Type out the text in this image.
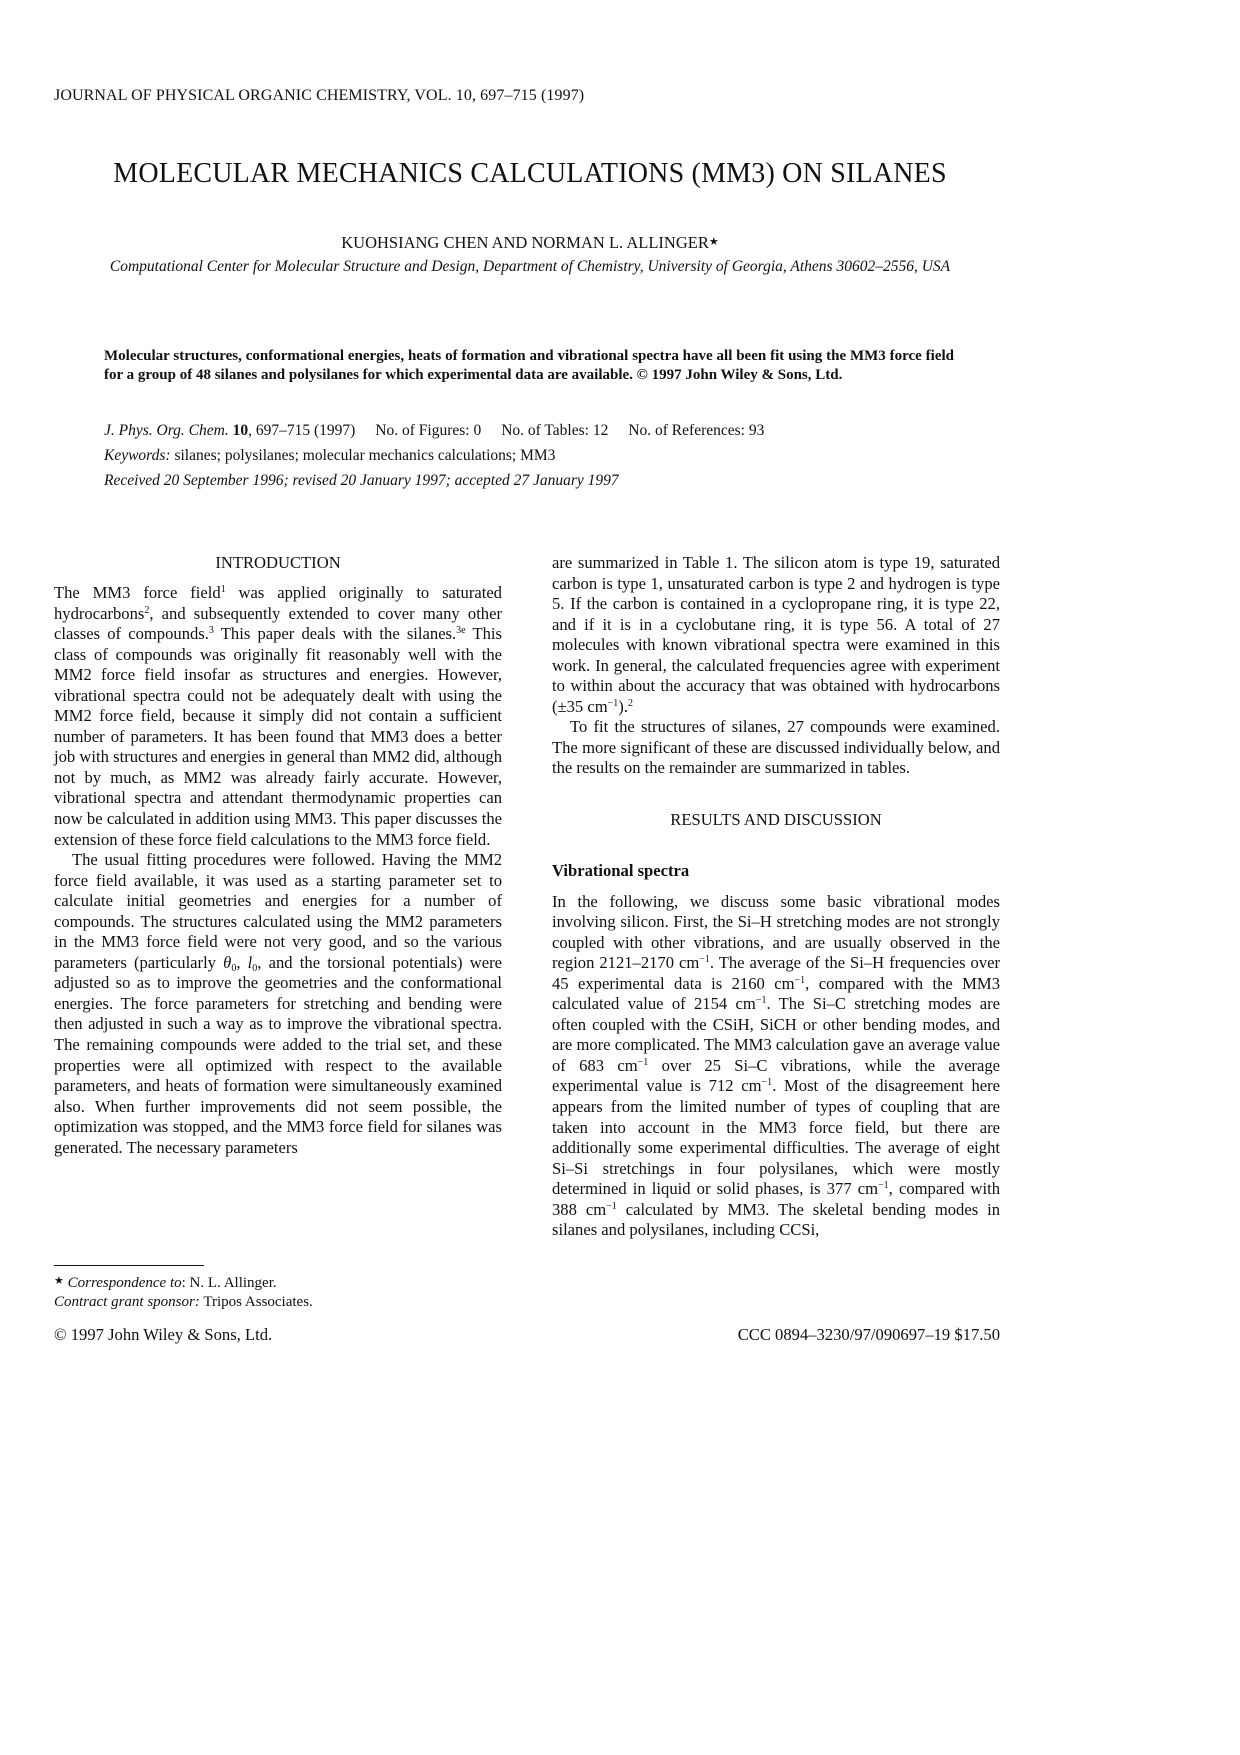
JOURNAL OF PHYSICAL ORGANIC CHEMISTRY, VOL. 10, 697–715 (1997)
MOLECULAR MECHANICS CALCULATIONS (MM3) ON SILANES
KUOHSIANG CHEN AND NORMAN L. ALLINGER★
Computational Center for Molecular Structure and Design, Department of Chemistry, University of Georgia, Athens 30602–2556, USA
Molecular structures, conformational energies, heats of formation and vibrational spectra have all been fit using the MM3 force field for a group of 48 silanes and polysilanes for which experimental data are available. © 1997 John Wiley & Sons, Ltd.
J. Phys. Org. Chem. 10, 697–715 (1997) No. of Figures: 0 No. of Tables: 12 No. of References: 93
Keywords: silanes; polysilanes; molecular mechanics calculations; MM3
Received 20 September 1996; revised 20 January 1997; accepted 27 January 1997
INTRODUCTION

The MM3 force field$^1$ was applied originally to saturated hydrocarbons$^2$, and subsequently extended to cover many other classes of compounds.$^3$ This paper deals with the silanes.$^{3e}$ This class of compounds was originally fit reasonably well with the MM2 force field insofar as structures and energies. However, vibrational spectra could not be adequately dealt with using the MM2 force field, because it simply did not contain a sufficient number of parameters. It has been found that MM3 does a better job with structures and energies in general than MM2 did, although not by much, as MM2 was already fairly accurate. However, vibrational spectra and attendant thermodynamic properties can now be calculated in addition using MM3. This paper discusses the extension of these force field calculations to the MM3 force field.

The usual fitting procedures were followed. Having the MM2 force field available, it was used as a starting parameter set to calculate initial geometries and energies for a number of compounds. The structures calculated using the MM2 parameters in the MM3 force field were not very good, and so the various parameters (particularly $\theta_0$, $l_0$, and the torsional potentials) were adjusted so as to improve the geometries and the conformational energies. The force parameters for stretching and bending were then adjusted in such a way as to improve the vibrational spectra. The remaining compounds were added to the trial set, and these properties were all optimized with respect to the available parameters, and heats of formation were simultaneously examined also. When further improvements did not seem possible, the optimization was stopped, and the MM3 force field for silanes was generated. The necessary parameters

are summarized in Table 1. The silicon atom is type 19, saturated carbon is type 1, unsaturated carbon is type 2 and hydrogen is type 5. If the carbon is contained in a cyclopropane ring, it is type 22, and if it is in a cyclobutane ring, it is type 56. A total of 27 molecules with known vibrational spectra were examined in this work. In general, the calculated frequencies agree with experiment to within about the accuracy that was obtained with hydrocarbons (±35 $cm^{-1}).^2$

To fit the structures of silanes, 27 compounds were examined. The more significant of these are discussed individually below, and the results on the remainder are summarized in tables.

RESULTS AND DISCUSSION
Vibrational spectra

In the following, we discuss some basic vibrational modes involving silicon. First, the Si–H stretching modes are not strongly coupled with other vibrations, and are usually observed in the region 2121–2170 $cm^{-1}$. The average of the Si–H frequencies over 45 experimental data is 2160 $cm^{-1}$, compared with the MM3 calculated value of 2154 $cm^{-1}$. The Si–C stretching modes are often coupled with the CSiH, SiCH or other bending modes, and are more complicated. The MM3 calculation gave an average value of 683 $cm^{-1}$ over 25 Si–C vibrations, while the average experimental value is 712 $cm^{-1}$. Most of the disagreement here appears from the limited number of types of coupling that are taken into account in the MM3 force field, but there are additionally some experimental difficulties. The average of eight Si–Si stretchings in four polysilanes, which were mostly determined in liquid or solid phases, is 377 $cm^{-1}$, compared with 388 $cm^{-1}$ calculated by MM3. The skeletal bending modes in silanes and polysilanes, including CCSi,

★ Correspondence to: N. L. Allinger.
Contract grant sponsor: Tripos Associates.
© 1997 John Wiley & Sons, Ltd.	CCC 0894–3230/97/090697–19 $17.50
